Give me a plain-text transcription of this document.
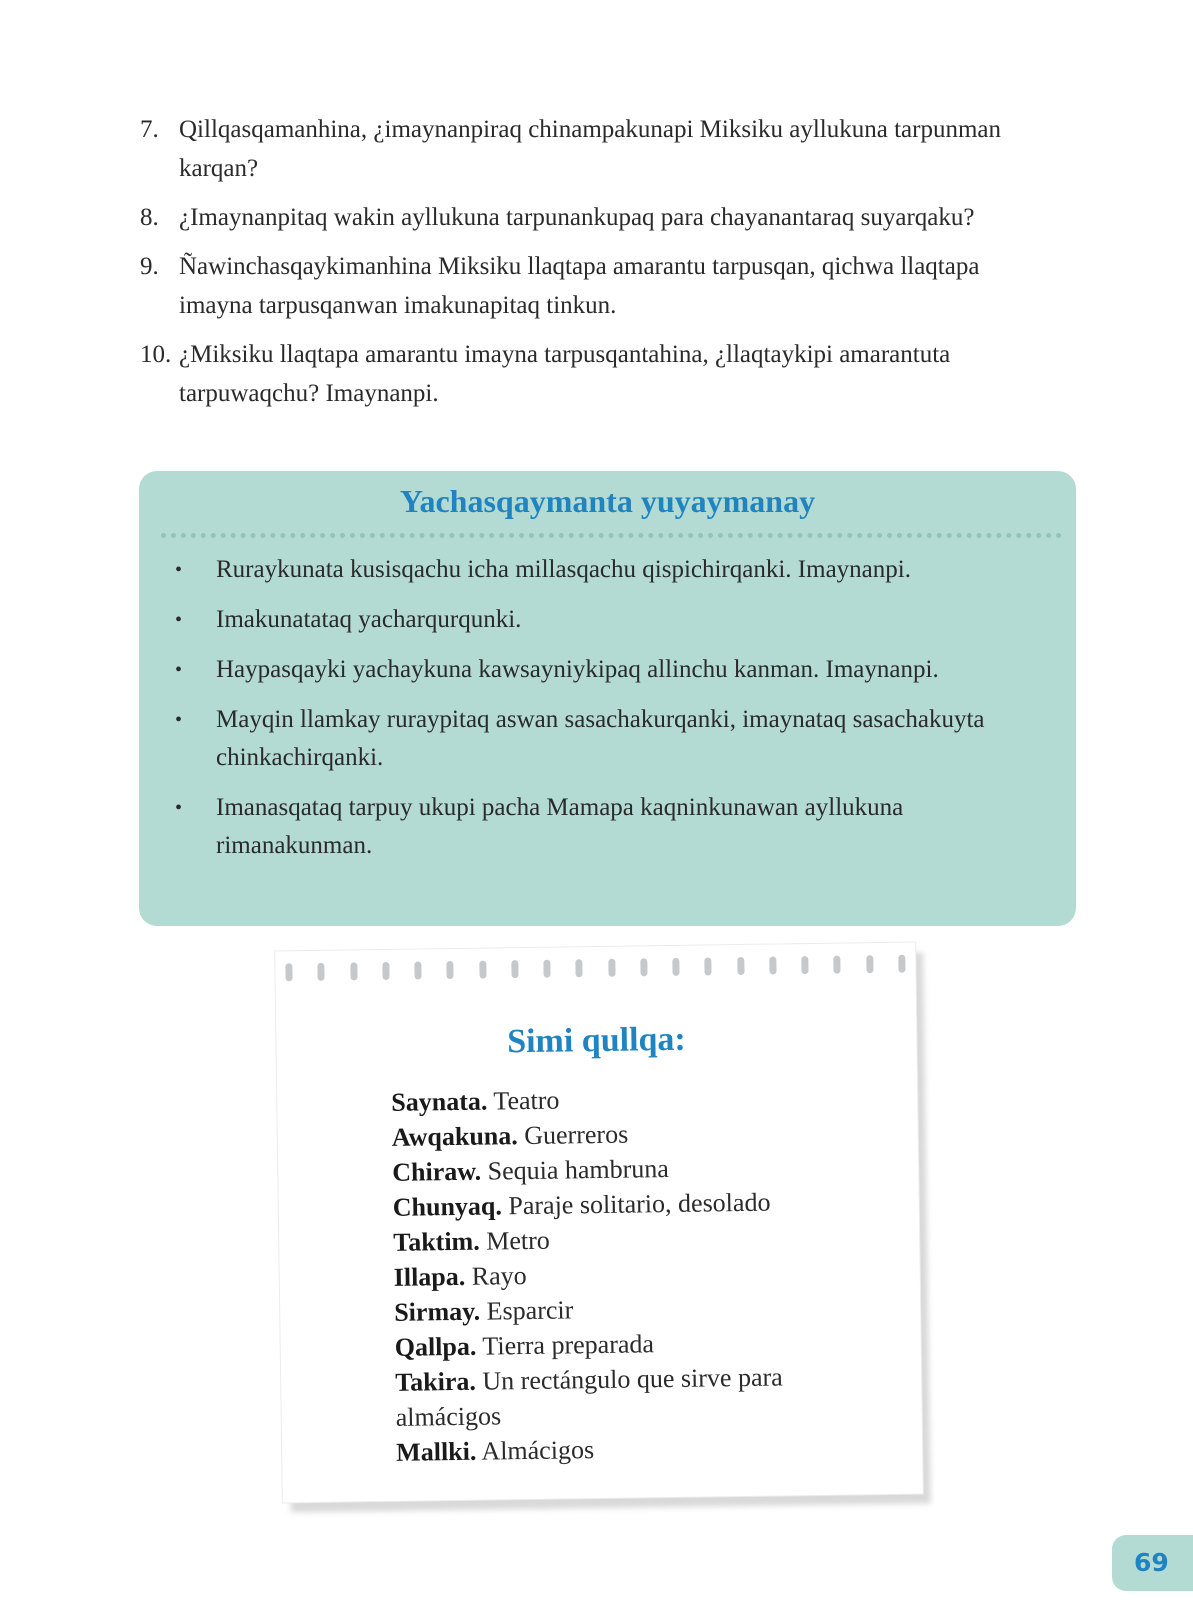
7. Qillqasqamanhina, ¿imaynanpiraq chinampakunapi Miksiku ayllukuna tarpunman karqan?
8. ¿Imaynanpitaq wakin ayllukuna tarpunankupaq para chayanantaraq suyarqaku?
9. Ñawinchasqaykimanhina Miksiku llaqtapa amarantu tarpusqan, qichwa llaqtapa imayna tarpusqanwan imakunapitaq tinkun.
10. ¿Miksiku llaqtapa amarantu imayna tarpusqantahina, ¿llaqtaykipi amarantuta tarpuwaqchu? Imaynanpi.
Yachasqaymanta yuyaymanay
•	Ruraykunata kusisqachu icha millasqachu qispichirqanki. Imaynanpi.
•	Imakunatataq yacharqurqunki.
•	Haypasqayki yachaykuna kawsayniykipaq allinchu kanman. Imaynanpi.
•	Mayqin llamkay ruraypitaq aswan sasachakurqanki, imaynataq sasachakuyta chinkachirqanki.
•	Imanasqataq tarpuy ukupi pacha Mamapa kaqninkunawan ayllukuna rimanakunman.
Simi qullqa:
Saynata. Teatro
Awqakuna. Guerreros
Chiraw. Sequia hambruna
Chunyaq. Paraje solitario, desolado
Taktim. Metro
Illapa. Rayo
Sirmay. Esparcir
Qallpa. Tierra preparada
Takira. Un rectángulo que sirve para almácigos
Mallki. Almácigos
69
